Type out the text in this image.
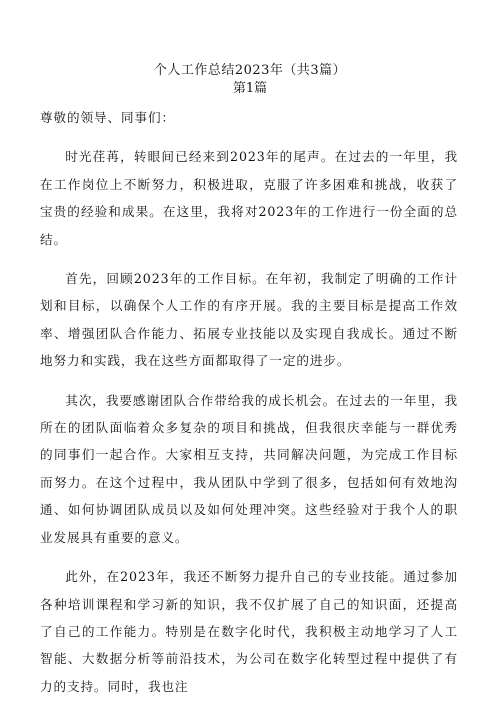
个人工作总结2023年（共3篇）
第1篇

尊敬的领导、同事们：

时光荏苒，转眼间已经来到2023年的尾声。在过去的一年里，我在工作岗位上不断努力，积极进取，克服了许多困难和挑战，收获了宝贵的经验和成果。在这里，我将对2023年的工作进行一份全面的总结。

首先，回顾2023年的工作目标。在年初，我制定了明确的工作计划和目标，以确保个人工作的有序开展。我的主要目标是提高工作效率、增强团队合作能力、拓展专业技能以及实现自我成长。通过不断地努力和实践，我在这些方面都取得了一定的进步。

其次，我要感谢团队合作带给我的成长机会。在过去的一年里，我所在的团队面临着众多复杂的项目和挑战，但我很庆幸能与一群优秀的同事们一起合作。大家相互支持，共同解决问题，为完成工作目标而努力。在这个过程中，我从团队中学到了很多，包括如何有效地沟通、如何协调团队成员以及如何处理冲突。这些经验对于我个人的职业发展具有重要的意义。

此外，在2023年，我还不断努力提升自己的专业技能。通过参加各种培训课程和学习新的知识，我不仅扩展了自己的知识面，还提高了自己的工作能力。特别是在数字化时代，我积极主动地学习了人工智能、大数据分析等前沿技术，为公司在数字化转型过程中提供了有力的支持。同时，我也注
